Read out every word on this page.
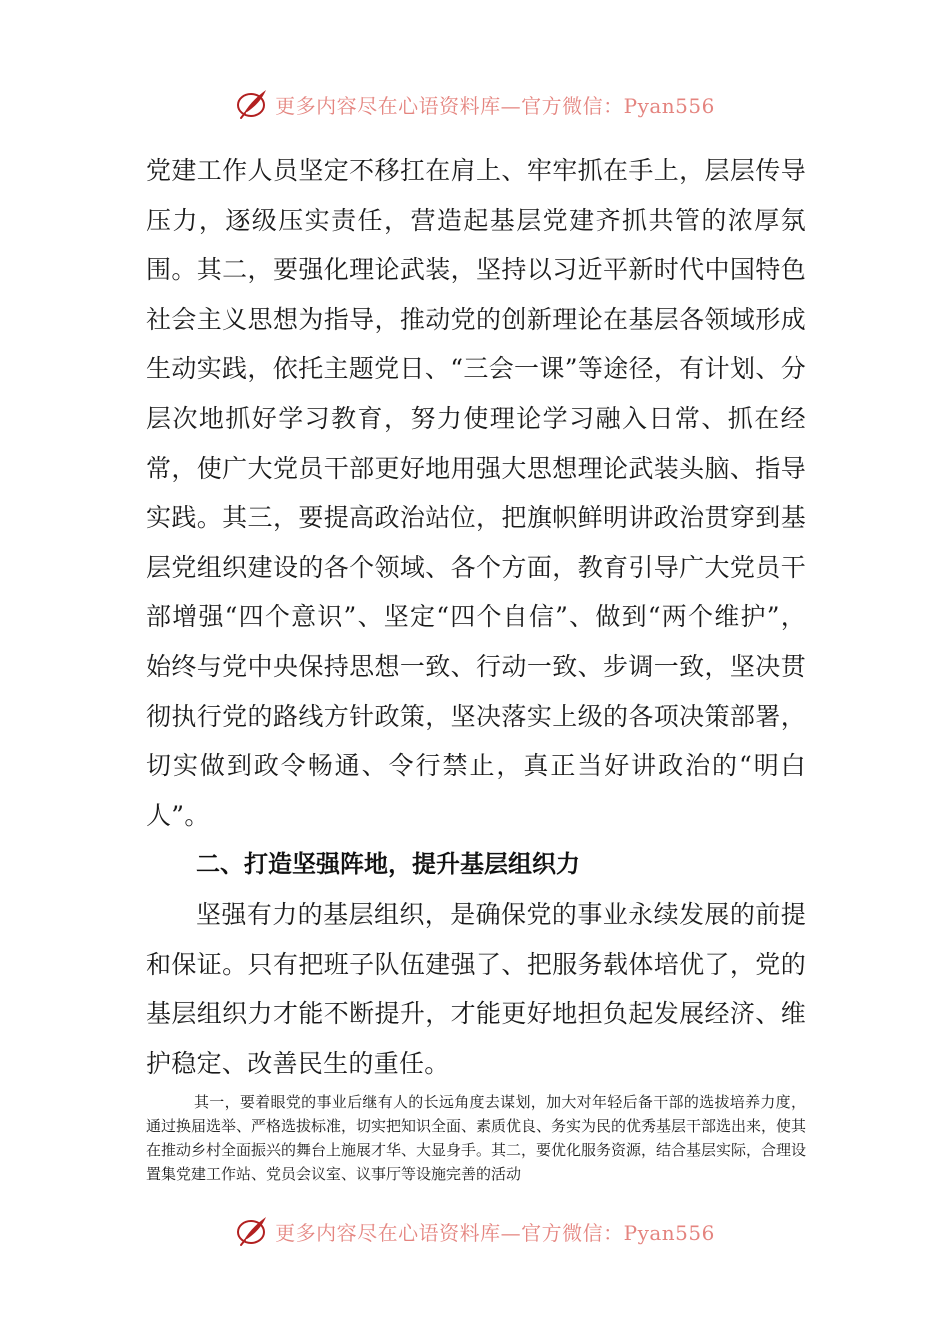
更多内容尽在心语资料库—官方微信：Pyan556

党建工作人员坚定不移扛在肩上、牢牢抓在手上，层层传导压力，逐级压实责任，营造起基层党建齐抓共管的浓厚氛围。其二，要强化理论武装，坚持以习近平新时代中国特色社会主义思想为指导，推动党的创新理论在基层各领域形成生动实践，依托主题党日、“三会一课”等途径，有计划、分层次地抓好学习教育，努力使理论学习融入日常、抓在经常，使广大党员干部更好地用强大思想理论武装头脑、指导实践。其三，要提高政治站位，把旗帜鲜明讲政治贯穿到基层党组织建设的各个领域、各个方面，教育引导广大党员干部增强“四个意识”、坚定“四个自信”、做到“两个维护”，始终与党中央保持思想一致、行动一致、步调一致，坚决贯彻执行党的路线方针政策，坚决落实上级的各项决策部署，切实做到政令畅通、令行禁止，真正当好讲政治的“明白人”。

二、打造坚强阵地，提升基层组织力

坚强有力的基层组织，是确保党的事业永续发展的前提和保证。只有把班子队伍建强了、把服务载体培优了，党的基层组织力才能不断提升，才能更好地担负起发展经济、维护稳定、改善民生的重任。

其一，要着眼党的事业后继有人的长远角度去谋划，加大对年轻后备干部的选拔培养力度，通过换届选举、严格选拔标准，切实把知识全面、素质优良、务实为民的优秀基层干部选出来，使其在推动乡村全面振兴的舞台上施展才华、大显身手。其二，要优化服务资源，结合基层实际，合理设置集党建工作站、党员会议室、议事厅等设施完善的活动

更多内容尽在心语资料库—官方微信：Pyan556
